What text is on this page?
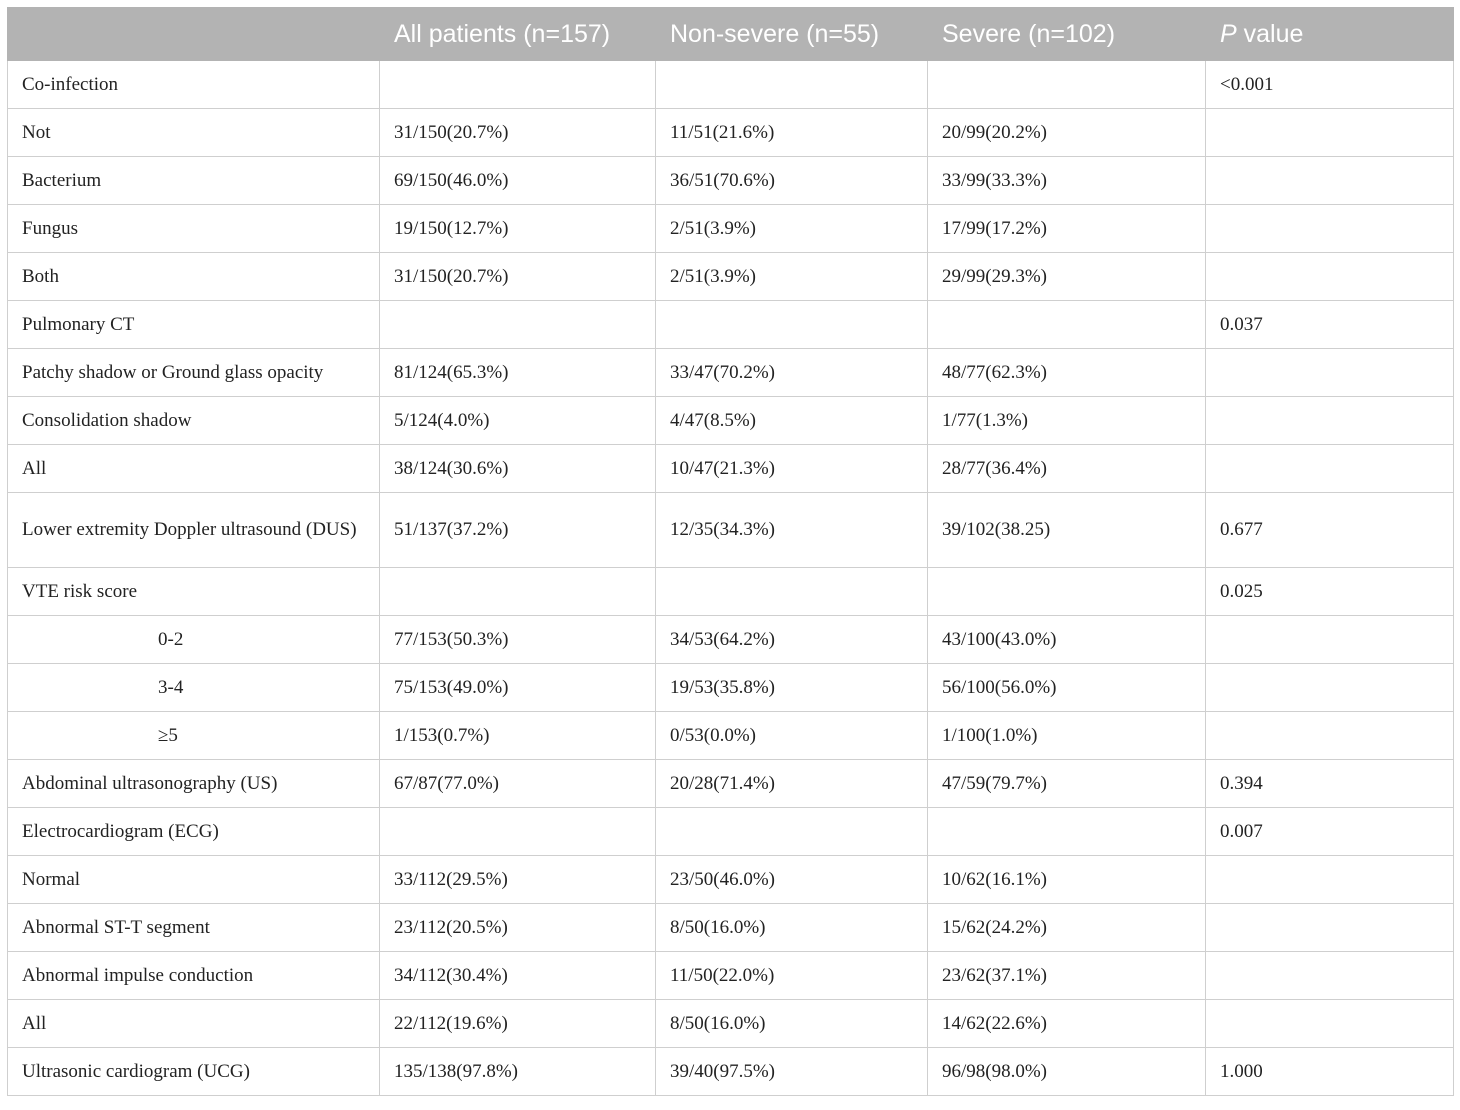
	All patients (n=157)	Non-severe (n=55)	Severe (n=102)	P value
Co-infection				<0.001
Not	31/150(20.7%)	11/51(21.6%)	20/99(20.2%)	
Bacterium	69/150(46.0%)	36/51(70.6%)	33/99(33.3%)	
Fungus	19/150(12.7%)	2/51(3.9%)	17/99(17.2%)	
Both	31/150(20.7%)	2/51(3.9%)	29/99(29.3%)	
Pulmonary CT				0.037
Patchy shadow or Ground glass opacity	81/124(65.3%)	33/47(70.2%)	48/77(62.3%)	
Consolidation shadow	5/124(4.0%)	4/47(8.5%)	1/77(1.3%)	
All	38/124(30.6%)	10/47(21.3%)	28/77(36.4%)	
Lower extremity Doppler ultrasound (DUS)	51/137(37.2%)	12/35(34.3%)	39/102(38.25)	0.677
VTE risk score				0.025
0-2	77/153(50.3%)	34/53(64.2%)	43/100(43.0%)	
3-4	75/153(49.0%)	19/53(35.8%)	56/100(56.0%)	
≥5	1/153(0.7%)	0/53(0.0%)	1/100(1.0%)	
Abdominal ultrasonography (US)	67/87(77.0%)	20/28(71.4%)	47/59(79.7%)	0.394
Electrocardiogram (ECG)				0.007
Normal	33/112(29.5%)	23/50(46.0%)	10/62(16.1%)	
Abnormal ST-T segment	23/112(20.5%)	8/50(16.0%)	15/62(24.2%)	
Abnormal impulse conduction	34/112(30.4%)	11/50(22.0%)	23/62(37.1%)	
All	22/112(19.6%)	8/50(16.0%)	14/62(22.6%)	
Ultrasonic cardiogram (UCG)	135/138(97.8%)	39/40(97.5%)	96/98(98.0%)	1.000
